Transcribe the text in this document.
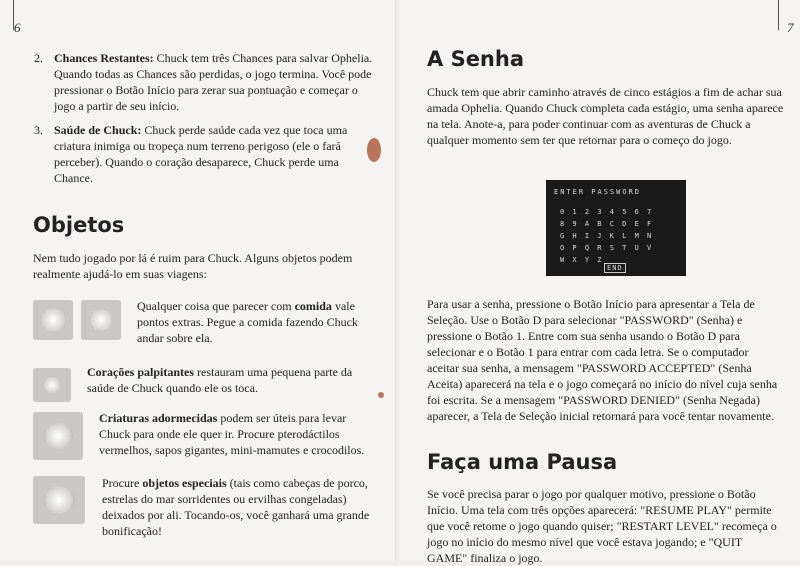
6
2. Chances Restantes: Chuck tem três Chances para salvar Ophelia. Quando todas as Chances são perdidas, o jogo termina. Você pode pressionar o Botão Início para zerar sua pontuação e começar o jogo a partir de seu início.

3. Saúde de Chuck: Chuck perde saúde cada vez que toca uma criatura inimiga ou tropeça num terreno perigoso (ele o fará perceber). Quando o coração desaparece, Chuck perde uma Chance.

Objetos

Nem tudo jogado por lá é ruim para Chuck. Alguns objetos podem realmente ajudá-lo em suas viagens:

Qualquer coisa que parecer com comida vale pontos extras. Pegue a comida fazendo Chuck andar sobre ela.

Corações palpitantes restauram uma pequena parte da saúde de Chuck quando ele os toca.

Criaturas adormecidas podem ser úteis para levar Chuck para onde ele quer ir. Procure pterodáctilos vermelhos, sapos gigantes, mini-mamutes e crocodilos.

Procure objetos especiais (tais como cabeças de porco, estrelas do mar sorridentes ou ervilhas congeladas) deixados por ali. Tocando-os, você ganhará uma grande bonificação!

7
A Senha

Chuck tem que abrir caminho através de cinco estágios a fim de achar sua amada Ophelia. Quando Chuck completa cada estágio, uma senha aparece na tela. Anote-a, para poder continuar com as aventuras de Chuck a qualquer momento sem ter que retornar para o começo do jogo.

ENTER PASSWORD
0 1 2 3 4 5 6 7
8 9 A B C D E F
G H I J K L M N
O P Q R S T U V
W X Y Z
END

Para usar a senha, pressione o Botão Início para apresentar a Tela de Seleção. Use o Botão D para selecionar "PASSWORD" (Senha) e pressione o Botão 1. Entre com sua senha usando o Botão D para selecionar e o Botão 1 para entrar com cada letra. Se o computador aceitar sua senha, a mensagem "PASSWORD ACCEPTED" (Senha Aceita) aparecerá na tela e o jogo começará no início do nível cuja senha foi escrita. Se a mensagem "PASSWORD DENIED" (Senha Negada) aparecer, a Tela de Seleção inicial retornará para você tentar novamente.

Faça uma Pausa

Se você precisa parar o jogo por qualquer motivo, pressione o Botão Início. Uma tela com três opções aparecerá: "RESUME PLAY" permite que você retome o jogo quando quiser; "RESTART LEVEL" recomeça o jogo no início do mesmo nível que você estava jogando; e "QUIT GAME" finaliza o jogo.
